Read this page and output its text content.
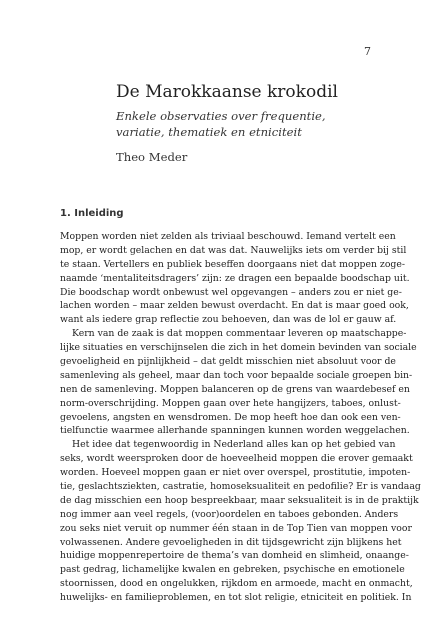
7
De Marokkaanse krokodil
Enkele observaties over frequentie, variatie, thematiek en etniciteit
Theo Meder
1. Inleiding
Moppen worden niet zelden als triviaal beschouwd. Iemand vertelt een
mop, er wordt gelachen en dat was dat. Nauwelijks iets om verder bij stil
te staan. Vertellers en publiek beseffen doorgaans niet dat moppen zoge-
naamde ‘mentaliteitsdragers’ zijn: ze dragen een bepaalde boodschap uit.
Die boodschap wordt onbewust wel opgevangen – anders zou er niet ge-
lachen worden – maar zelden bewust overdacht. En dat is maar goed ook,
want als iedere grap reflectie zou behoeven, dan was de lol er gauw af.
Kern van de zaak is dat moppen commentaar leveren op maatschappe-
lijke situaties en verschijnselen die zich in het domein bevinden van sociale
gevoeligheid en pijnlijkheid – dat geldt misschien niet absoluut voor de
samenleving als geheel, maar dan toch voor bepaalde sociale groepen bin-
nen de samenleving. Moppen balanceren op de grens van waardebesef en
norm-overschrijding. Moppen gaan over hete hangijzers, taboes, onlust-
gevoelens, angsten en wensdromen. De mop heeft hoe dan ook een ven-
tielfunctie waarmee allerhande spanningen kunnen worden weggelachen.
Het idee dat tegenwoordig in Nederland alles kan op het gebied van
seks, wordt weersproken door de hoeveelheid moppen die erover gemaakt
worden. Hoeveel moppen gaan er niet over overspel, prostitutie, impoten-
tie, geslachtsziekten, castratie, homoseksualiteit en pedofilie? Er is vandaag
de dag misschien een hoop bespreekbaar, maar seksualiteit is in de praktijk
nog immer aan veel regels, (voor)oordelen en taboes gebonden. Anders
zou seks niet veruit op nummer één staan in de Top Tien van moppen voor
volwassenen. Andere gevoeligheden in dit tijdsgewricht zijn blijkens het
huidige moppenrepertoire de thema’s van domheid en slimheid, onaange-
past gedrag, lichamelijke kwalen en gebreken, psychische en emotionele
stoornissen, dood en ongelukken, rijkdom en armoede, macht en onmacht,
huwelijks- en familieproblemen, en tot slot religie, etniciteit en politiek. In
